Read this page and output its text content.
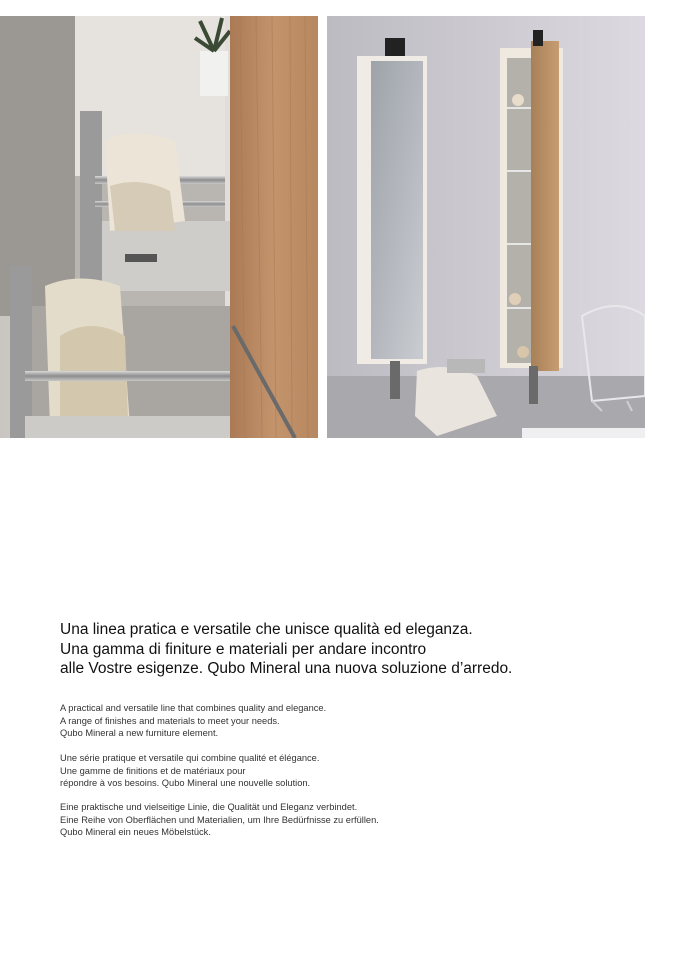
Una linea pratica e versatile che unisce qualità ed eleganza.
Una gamma di finiture e materiali per andare incontro
alle Vostre esigenze. Qubo Mineral una nuova soluzione d’arredo.
A practical and versatile line that combines quality and elegance.
A range of finishes and materials to meet your needs.
Qubo Mineral a new furniture element.
Une série pratique et versatile qui combine qualité et élégance.
Une gamme de finitions et de matériaux pour
répondre à vos besoins. Qubo Mineral une nouvelle solution.
Eine praktische und vielseitige Linie, die Qualität und Eleganz verbindet.
Eine Reihe von Oberflächen und Materialien, um Ihre Bedürfnisse zu erfüllen.
Qubo Mineral ein neues Möbelstück.
